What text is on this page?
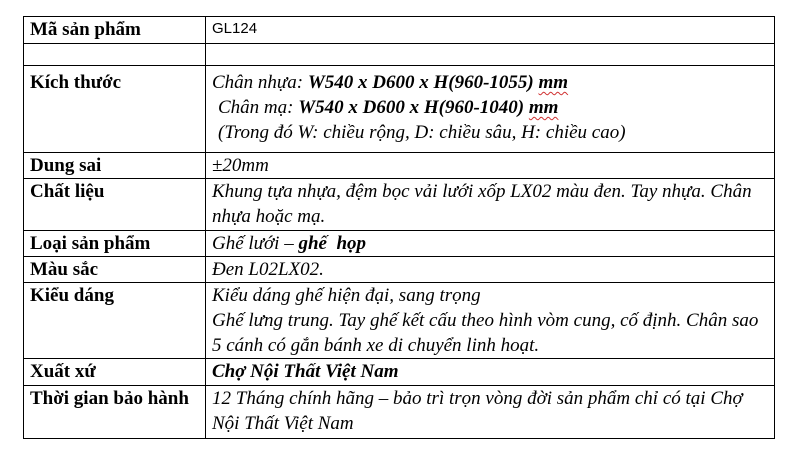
Mã sản phẩm	GL124

Kích thước	Chân nhựa: W540 x D600 x H(960-1055) mm
Chân mạ: W540 x D600 x H(960-1040) mm
(Trong đó W: chiều rộng, D: chiều sâu, H: chiều cao)

Dung sai	±20mm
Chất liệu	Khung tựa nhựa, đệm bọc vải lưới xốp LX02 màu đen. Tay nhựa. Chân nhựa hoặc mạ.
Loại sản phẩm	Ghế lưới – ghế  họp
Màu sắc	Đen L02LX02.
Kiểu dáng	Kiểu dáng ghế hiện đại, sang trọng
Ghế lưng trung. Tay ghế kết cấu theo hình vòm cung, cố định. Chân sao 5 cánh có gắn bánh xe di chuyển linh hoạt.
Xuất xứ	Chợ Nội Thất Việt Nam
Thời gian bảo hành	12 Tháng chính hãng – bảo trì trọn vòng đời sản phẩm chỉ có tại Chợ Nội Thất Việt Nam
